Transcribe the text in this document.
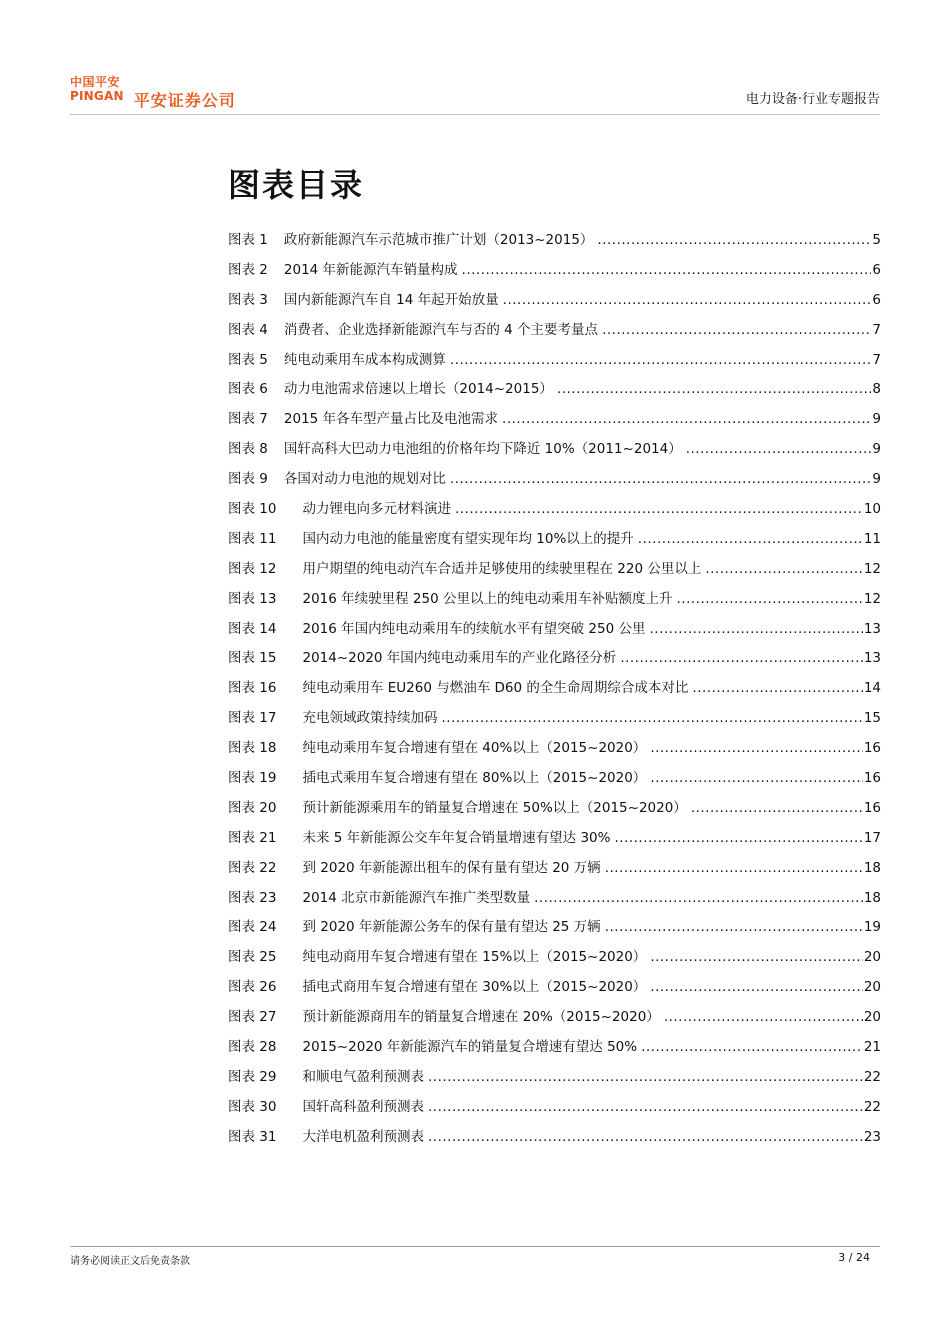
中国平安
PINGAN 平安证券公司	电力设备·行业专题报告
图表目录
图表 1 政府新能源汽车示范城市推广计划（2013~2015） .....	5
图表 2 2014 年新能源汽车销量构成 .....	6
图表 3 国内新能源汽车自 14 年起开始放量 .....	6
图表 4 消费者、企业选择新能源汽车与否的 4 个主要考量点 .....	7
图表 5 纯电动乘用车成本构成测算 .....	7
图表 6 动力电池需求倍速以上增长（2014~2015） .....	8
图表 7 2015 年各车型产量占比及电池需求 .....	9
图表 8 国轩高科大巴动力电池组的价格年均下降近 10%（2011~2014） .....	9
图表 9 各国对动力电池的规划对比 .....	9
图表 10 动力锂电向多元材料演进 .....	10
图表 11 国内动力电池的能量密度有望实现年均 10%以上的提升 .....	11
图表 12 用户期望的纯电动汽车合适并足够使用的续驶里程在 220 公里以上 .....	12
图表 13 2016 年续驶里程 250 公里以上的纯电动乘用车补贴额度上升 .....	12
图表 14 2016 年国内纯电动乘用车的续航水平有望突破 250 公里 .....	13
图表 15 2014~2020 年国内纯电动乘用车的产业化路径分析 .....	13
图表 16 纯电动乘用车 EU260 与燃油车 D60 的全生命周期综合成本对比 .....	14
图表 17 充电领域政策持续加码 .....	15
图表 18 纯电动乘用车复合增速有望在 40%以上（2015~2020） .....	16
图表 19 插电式乘用车复合增速有望在 80%以上（2015~2020） .....	16
图表 20 预计新能源乘用车的销量复合增速在 50%以上（2015~2020） .....	16
图表 21 未来 5 年新能源公交车年复合销量增速有望达 30% .....	17
图表 22 到 2020 年新能源出租车的保有量有望达 20 万辆 .....	18
图表 23 2014 北京市新能源汽车推广类型数量 .....	18
图表 24 到 2020 年新能源公务车的保有量有望达 25 万辆 .....	19
图表 25 纯电动商用车复合增速有望在 15%以上（2015~2020） .....	20
图表 26 插电式商用车复合增速有望在 30%以上（2015~2020） .....	20
图表 27 预计新能源商用车的销量复合增速在 20%（2015~2020） .....	20
图表 28 2015~2020 年新能源汽车的销量复合增速有望达 50% .....	21
图表 29 和顺电气盈利预测表 .....	22
图表 30 国轩高科盈利预测表 .....	22
图表 31 大洋电机盈利预测表 .....	23
请务必阅读正文后免责条款	3 / 24
